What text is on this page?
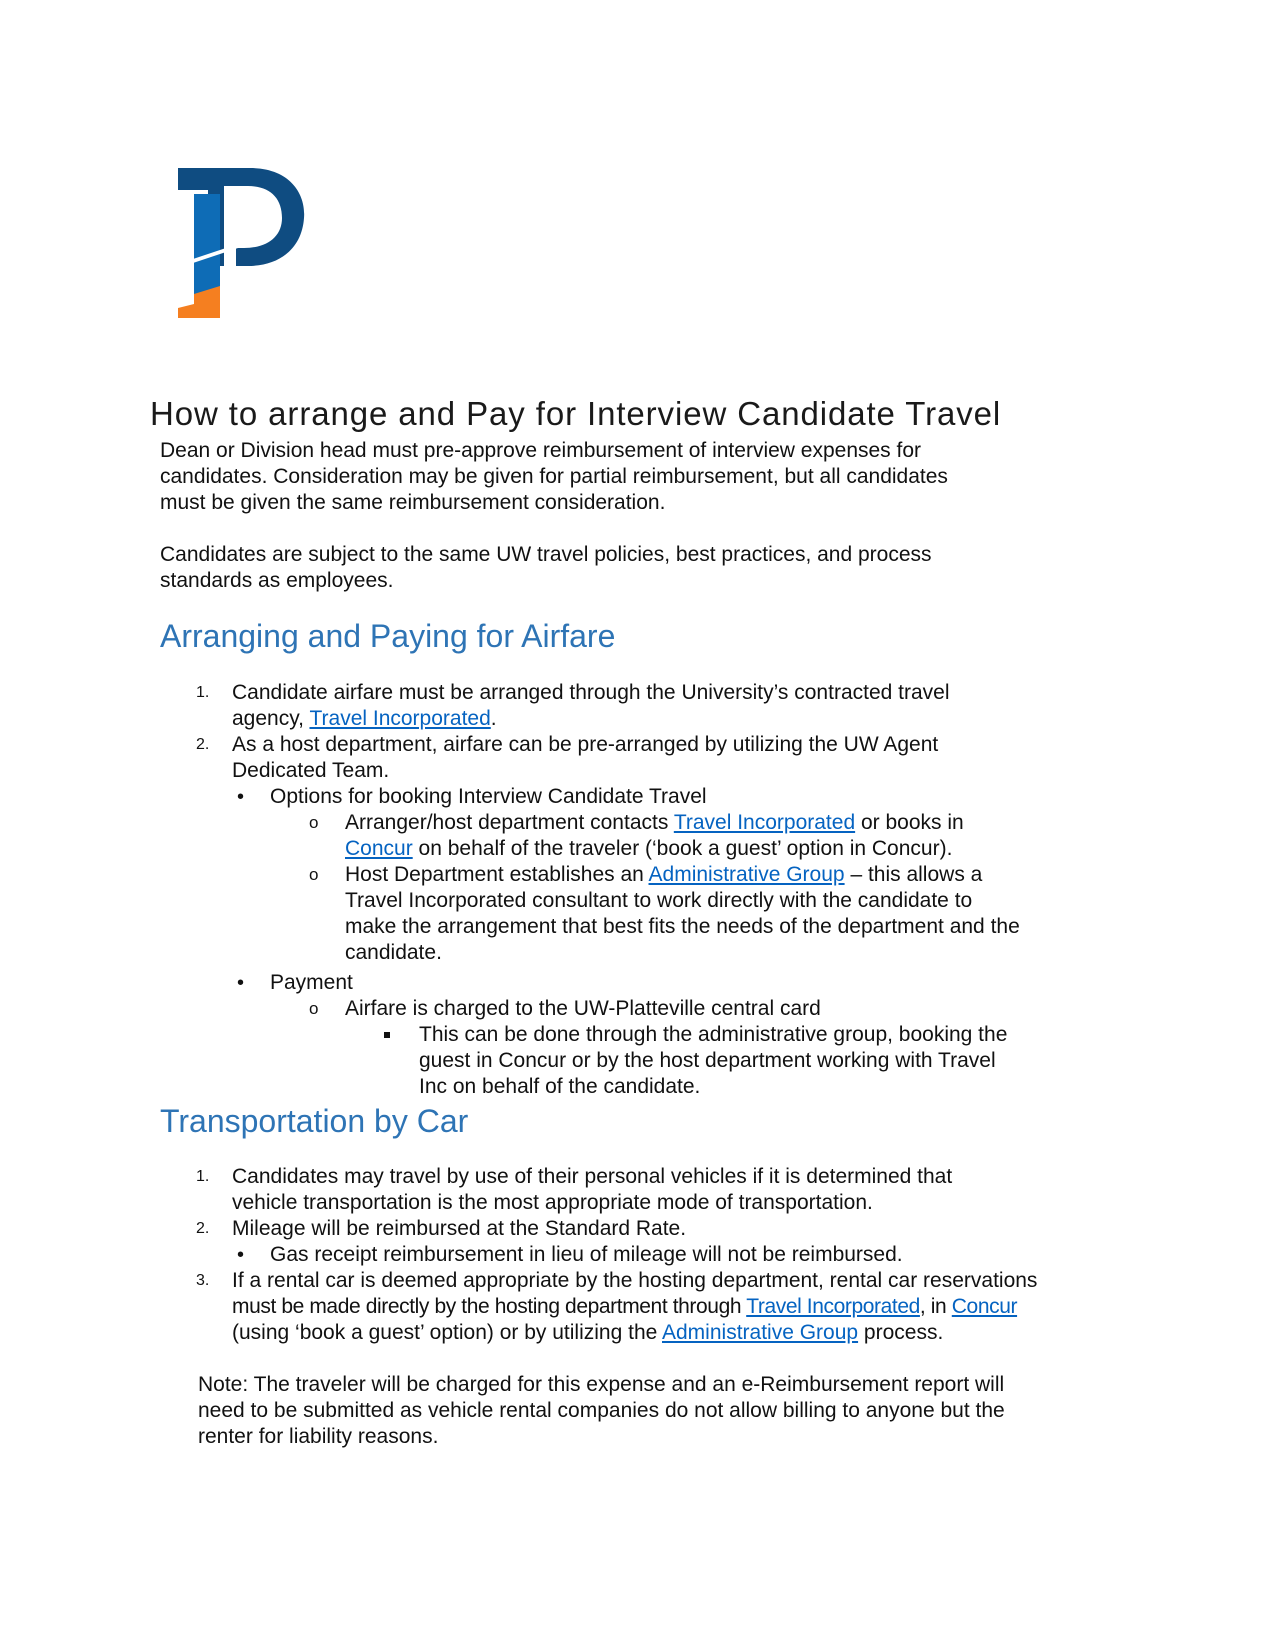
How to arrange and Pay for Interview Candidate Travel

Dean or Division head must pre-approve reimbursement of interview expenses for
candidates. Consideration may be given for partial reimbursement, but all candidates
must be given the same reimbursement consideration.

Candidates are subject to the same UW travel policies, best practices, and process
standards as employees.

Arranging and Paying for Airfare
1. Candidate airfare must be arranged through the University’s contracted travel
agency, Travel Incorporated.
2. As a host department, airfare can be pre-arranged by utilizing the UW Agent
Dedicated Team.
• Options for booking Interview Candidate Travel
o Arranger/host department contacts Travel Incorporated or books in
Concur on behalf of the traveler (‘book a guest’ option in Concur).
o Host Department establishes an Administrative Group – this allows a
Travel Incorporated consultant to work directly with the candidate to
make the arrangement that best fits the needs of the department and the
candidate.
• Payment
o Airfare is charged to the UW-Platteville central card
This can be done through the administrative group, booking the
guest in Concur or by the host department working with Travel
Inc on behalf of the candidate.
Transportation by Car
1. Candidates may travel by use of their personal vehicles if it is determined that
vehicle transportation is the most appropriate mode of transportation.
2. Mileage will be reimbursed at the Standard Rate.
• Gas receipt reimbursement in lieu of mileage will not be reimbursed.
3. If a rental car is deemed appropriate by the hosting department, rental car reservations
must be made directly by the hosting department through Travel Incorporated, in Concur
(using ‘book a guest’ option) or by utilizing the Administrative Group process.

Note: The traveler will be charged for this expense and an e-Reimbursement report will
need to be submitted as vehicle rental companies do not allow billing to anyone but the
renter for liability reasons.
